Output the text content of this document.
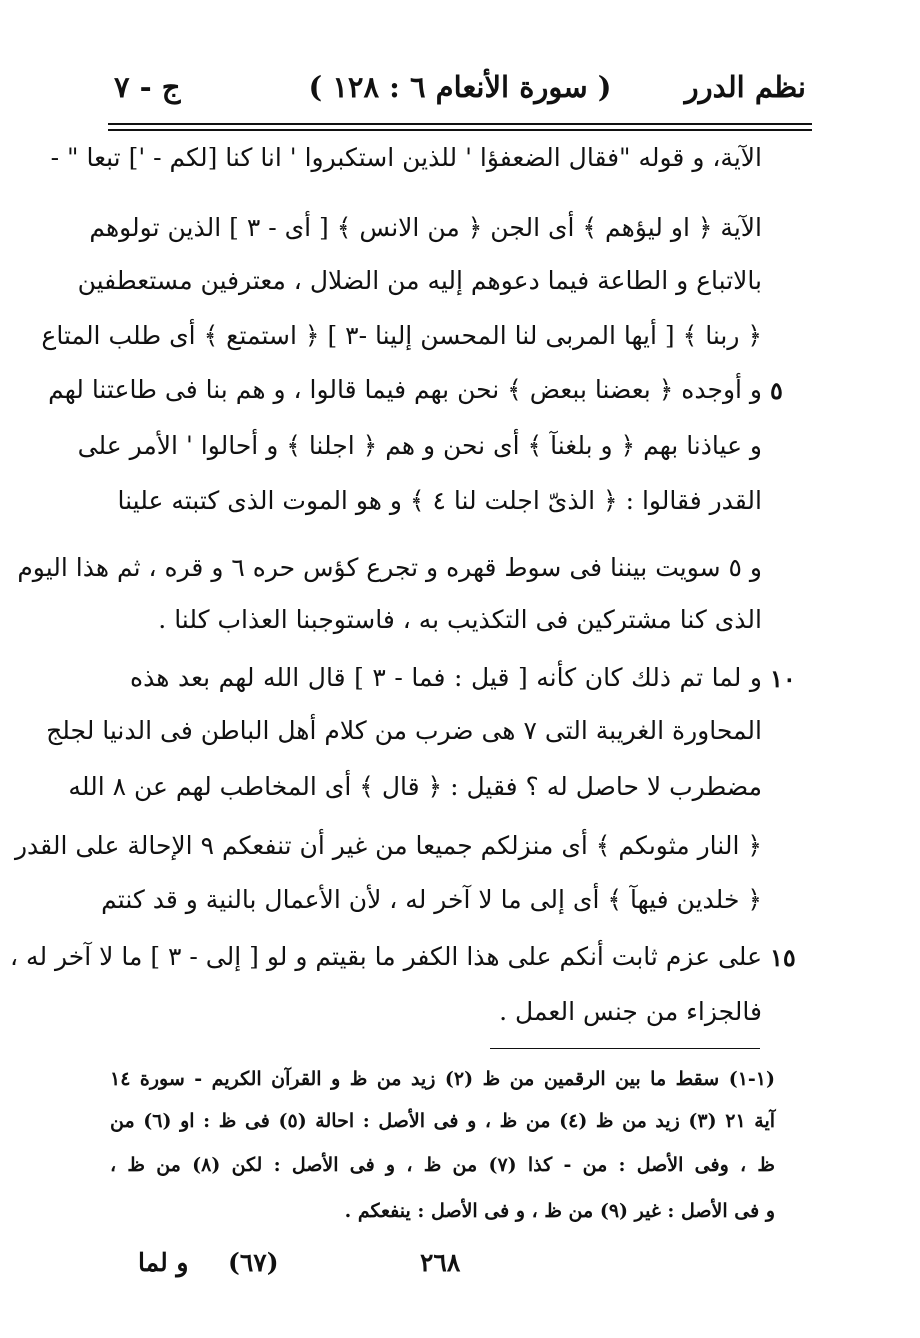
نظم الدرر
( سورة الأنعام ٦ : ١٢٨ )
ج - ٧
الآية، و قوله "فقال الضعفؤا ' للذين استكبروا ' انا كنا [لكم - '] تبعا " -
الآية ﴿ او ليؤهم ﴾ أى الجن ﴿ من الانس ﴾ [ أى - ٣ ] الذين تولوهم
بالاتباع و الطاعة فيما دعوهم إليه من الضلال ، معترفين مستعطفين
﴿ ربنا ﴾ [ أيها المربى لنا المحسن إلينا -٣ ] ﴿ استمتع ﴾ أى طلب المتاع
و أوجده ﴿ بعضنا ببعض ﴾ نحن بهم فيما قالوا ، و هم بنا فى طاعتنا لهم
و عياذنا بهم ﴿ و بلغنآ ﴾ أى نحن و هم ﴿ اجلنا ﴾ و أحالوا ' الأمر على
القدر فقالوا : ﴿ الذىّ اجلت لنا ٤ ﴾ و هو الموت الذى كتبته علينا
و ٥ سويت بيننا فى سوط قهره و تجرع كؤس حره ٦ و قره ، ثم هذا اليوم
الذى كنا مشتركين فى التكذيب به ، فاستوجبنا العذاب كلنا .
و لما تم ذلك كان كأنه [ قيل : فما - ٣ ] قال الله لهم بعد هذه
المحاورة الغريبة التى ٧ هى ضرب من كلام أهل الباطن فى الدنيا لجلج
مضطرب لا حاصل له ؟ فقيل : ﴿ قال ﴾ أى المخاطب لهم عن ٨ الله
﴿ النار مثوىكم ﴾ أى منزلكم جميعا من غير أن تنفعكم ٩ الإحالة على القدر
﴿ خلدين فيهآ ﴾ أى إلى ما لا آخر له ، لأن الأعمال بالنية و قد كنتم
على عزم ثابت أنكم على هذا الكفر ما بقيتم و لو [ إلى - ٣ ] ما لا آخر له ،
فالجزاء من جنس العمل .
٥
١٠
١٥
(١-١) سقط ما بين الرقمين من ظ (٢) زيد من ظ و القرآن الكريم - سورة ١٤
آية ٢١ (٣) زيد من ظ (٤) من ظ ، و فى الأصل : احالة (٥) فى ظ : او (٦) من
ظ ، وفى الأصل : من - كذا (٧) من ظ ، و فى الأصل : لكن (٨) من ظ ،
و فى الأصل : غير (٩) من ظ ، و فى الأصل : ينفعكم .
٢٦٨
(٦٧)
و لما
